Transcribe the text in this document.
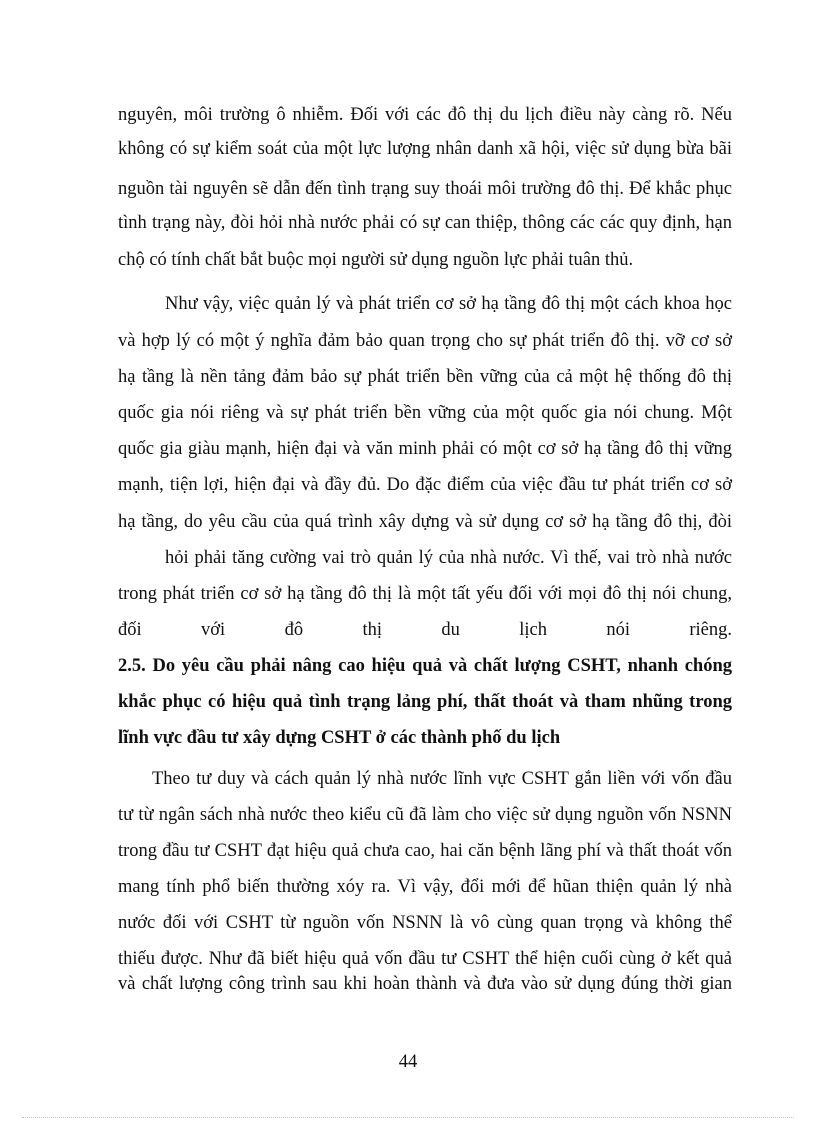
nguyên, môi trường ô nhiễm. Đối với các đô thị du lịch điều này càng rõ. Nếu
không có sự kiểm soát của một lực lượng nhân danh xã hội, việc sử dụng bừa bãi
nguồn tài nguyên sẽ dẫn đến tình trạng suy thoái môi trường đô thị. Để khắc phục
tình trạng này, đòi hỏi nhà nước phải có sự can thiệp, thông các các quy định, hạn
chộ có tính chất bắt buộc mọi người sử dụng nguồn lực phải tuân thủ.
Như vậy, việc quản lý và phát triển cơ sở hạ tầng đô thị một cách khoa học
và hợp lý có một ý nghĩa đảm bảo quan trọng cho sự phát triển đô thị. vỡ cơ sở
hạ tầng là nền tảng đảm bảo sự phát triển bền vững của cả một hệ thống đô thị
quốc gia nói riêng và sự phát triển bền vững của một quốc gia nói chung. Một
quốc gia giàu mạnh, hiện đại và văn minh phải có một cơ sở hạ tầng đô thị vững
mạnh, tiện lợi, hiện đại và đầy đủ. Do đặc điểm của việc đầu tư phát triển cơ sở
hạ tầng, do yêu cầu của quá trình xây dựng và sử dụng cơ sở hạ tầng đô thị, đòi
hỏi phải tăng cường vai trò quản lý của nhà nước. Vì thế, vai trò nhà nước
trong phát triển cơ sở hạ tầng đô thị là một tất yếu đối với mọi đô thị nói chung,
đối với đô thị du lịch nói riêng.
2.5. Do yêu cầu phải nâng cao hiệu quả và chất lượng CSHT, nhanh chóng
khắc phục có hiệu quả tình trạng lảng phí, thất thoát và tham nhũng trong
lĩnh vực đầu tư xây dựng CSHT ở các thành phố du lịch
Theo tư duy và cách quản lý nhà nước lĩnh vực CSHT gắn liền với vốn đầu
tư từ ngân sách nhà nước theo kiểu cũ đã làm cho việc sử dụng nguồn vốn NSNN
trong đầu tư CSHT đạt hiệu quả chưa cao, hai căn bệnh lãng phí và thất thoát vốn
mang tính phổ biến thường xóy ra. Vì vậy, đổi mới để hũan thiện quản lý nhà
nước đối với CSHT từ nguồn vốn NSNN là vô cùng quan trọng và không thể
thiếu được. Như đã biết hiệu quả vốn đầu tư CSHT thể hiện cuối cùng ở kết quả
và chất lượng công trình sau khi hoàn thành và đưa vào sử dụng đúng thời gian
44
